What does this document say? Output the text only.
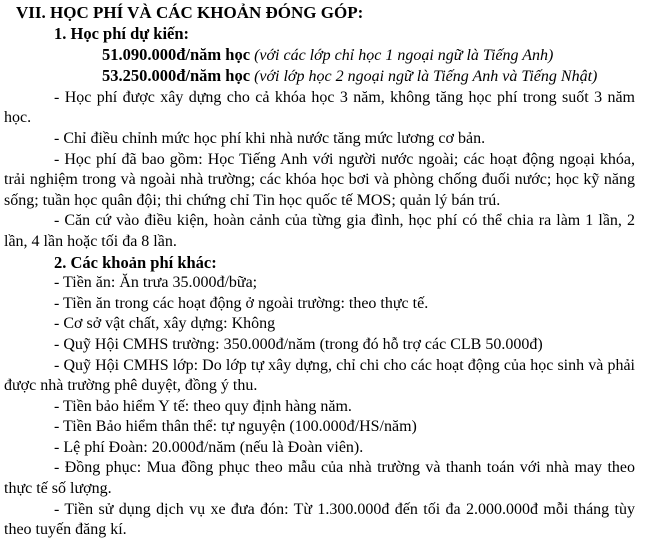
VII. HỌC PHÍ VÀ CÁC KHOẢN ĐÓNG GÓP:

1. Học phí dự kiến:

51.090.000đ/năm học (với các lớp chỉ học 1 ngoại ngữ là Tiếng Anh)

53.250.000đ/năm học (với lớp học 2 ngoại ngữ là Tiếng Anh và Tiếng Nhật)

- Học phí được xây dựng cho cả khóa học 3 năm, không tăng học phí trong suốt 3 năm học.

- Chỉ điều chỉnh mức học phí khi nhà nước tăng mức lương cơ bản.

- Học phí đã bao gồm: Học Tiếng Anh với người nước ngoài; các hoạt động ngoại khóa, trải nghiệm trong và ngoài nhà trường; các khóa học bơi và phòng chống đuối nước; học kỹ năng sống; tuần học quân đội; thi chứng chỉ Tin học quốc tế MOS; quản lý bán trú.

- Căn cứ vào điều kiện, hoàn cảnh của từng gia đình, học phí có thể chia ra làm 1 lần, 2 lần, 4 lần hoặc tối đa 8 lần.

2. Các khoản phí khác:

- Tiền ăn: Ăn trưa 35.000đ/bữa;

- Tiền ăn trong các hoạt động ở ngoài trường: theo thực tế.

- Cơ sở vật chất, xây dựng: Không

- Quỹ Hội CMHS trường: 350.000đ/năm (trong đó hỗ trợ các CLB 50.000đ)

- Quỹ Hội CMHS lớp: Do lớp tự xây dựng, chỉ chi cho các hoạt động của học sinh và phải được nhà trường phê duyệt, đồng ý thu.

- Tiền bảo hiểm Y tế: theo quy định hàng năm.

- Tiền Bảo hiểm thân thể: tự nguyện (100.000đ/HS/năm)

- Lệ phí Đoàn: 20.000đ/năm (nếu là Đoàn viên).

- Đồng phục: Mua đồng phục theo mẫu của nhà trường và thanh toán với nhà may theo thực tế số lượng.

- Tiền sử dụng dịch vụ xe đưa đón: Từ 1.300.000đ đến tối đa 2.000.000đ mỗi tháng tùy theo tuyến đăng kí.
